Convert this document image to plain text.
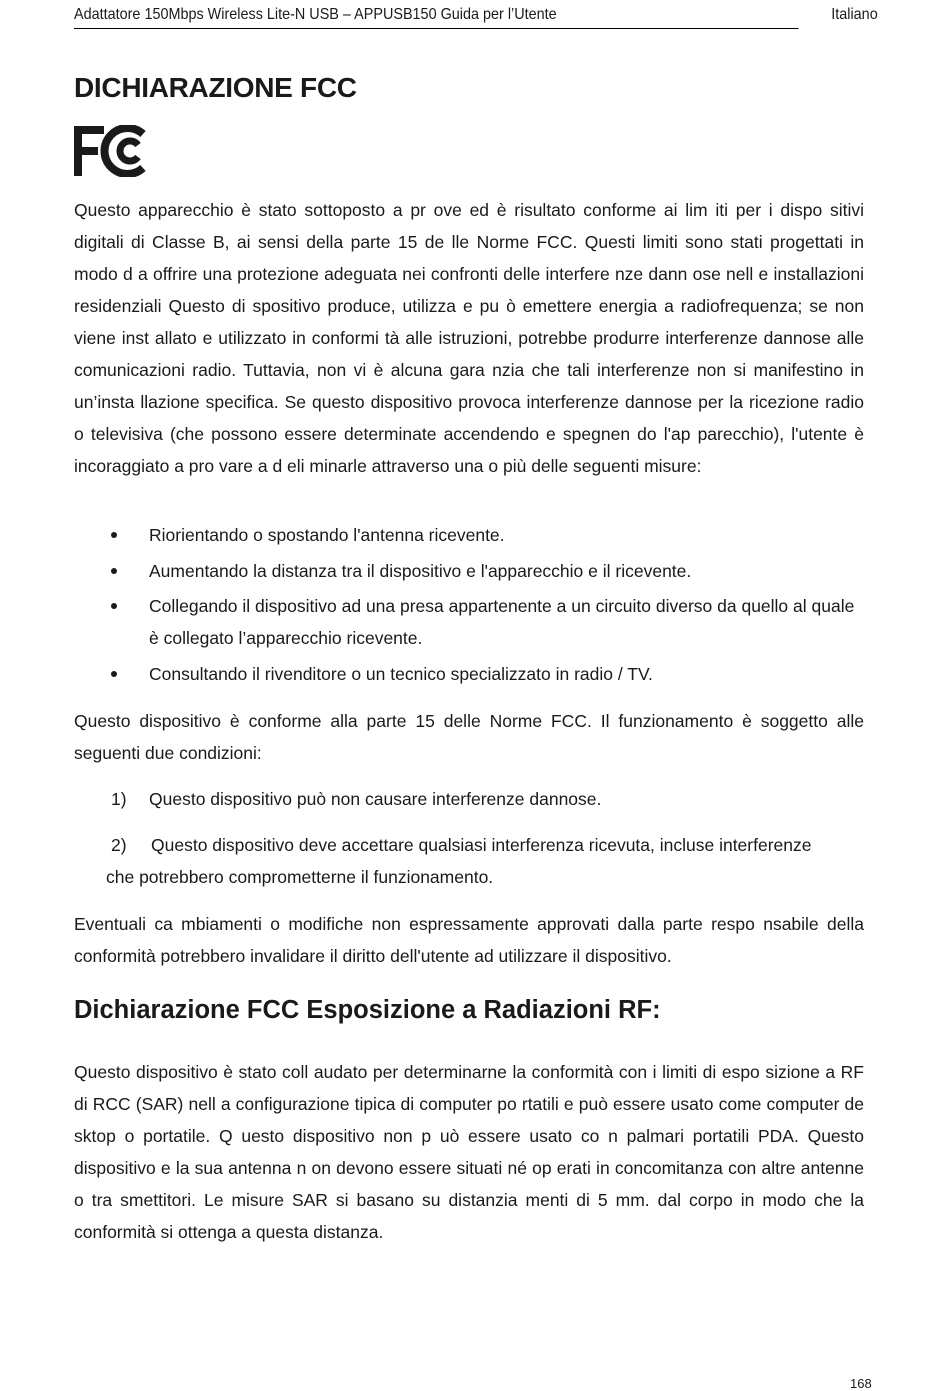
Adattatore 150Mbps Wireless Lite-N USB – APPUSB150 Guida per l’Utente	Italiano
DICHIARAZIONE FCC

Questo apparecchio è stato sottoposto a pr ove ed è risultato conforme ai lim iti per i dispo sitivi digitali di Classe B, ai sensi della parte 15 de lle Norme FCC. Questi limiti sono stati progettati in modo d a offrire una protezione adeguata nei confronti delle interfere nze dann ose nell e installazioni residenziali Questo di spositivo produce, utilizza e pu ò emettere energia a radiofrequenza; se non viene inst allato e utilizzato in conformi tà alle istruzioni, potrebbe produrre interferenze dannose alle comunicazioni radio. Tuttavia, non vi è alcuna gara nzia che tali interferenze non si manifestino in un’insta llazione specifica. Se questo dispositivo provoca interferenze dannose per la ricezione radio o televisiva (che possono essere determinate accendendo e spegnen do l'ap parecchio), l'utente è incoraggiato a pro vare a d eli minarle attraverso una o più delle seguenti misure:

Riorientando o spostando l'antenna ricevente.
Aumentando la distanza tra il dispositivo e l'apparecchio e il ricevente.
Collegando il dispositivo ad una presa appartenente a un circuito diverso da quello al quale è collegato l’apparecchio ricevente.
Consultando il rivenditore o un tecnico specializzato in radio / TV.

Questo dispositivo è conforme alla parte 15 delle Norme FCC. Il funzionamento è soggetto alle seguenti due condizioni:

1)	Questo dispositivo può non causare interferenze dannose.
2)	Questo dispositivo deve accettare qualsiasi interferenza ricevuta, incluse interferenze
che potrebbero comprometterne il funzionamento.

Eventuali ca mbiamenti o modifiche non espressamente approvati dalla parte respo nsabile della conformità potrebbero invalidare il diritto dell'utente ad utilizzare il dispositivo.

Dichiarazione FCC Esposizione a Radiazioni RF:

Questo dispositivo è stato coll audato per determinarne la conformità con i limiti di espo sizione a RF di RCC (SAR) nell a configurazione tipica di computer po rtatili e può essere usato come computer de sktop o portatile. Q uesto dispositivo non p uò essere usato co n palmari portatili PDA. Questo dispositivo e la sua antenna n on devono essere situati né op erati in concomitanza con altre antenne o tra smettitori. Le misure SAR si basano su distanzia menti di 5 mm. dal corpo in modo che la conformità si ottenga a questa distanza.

168
